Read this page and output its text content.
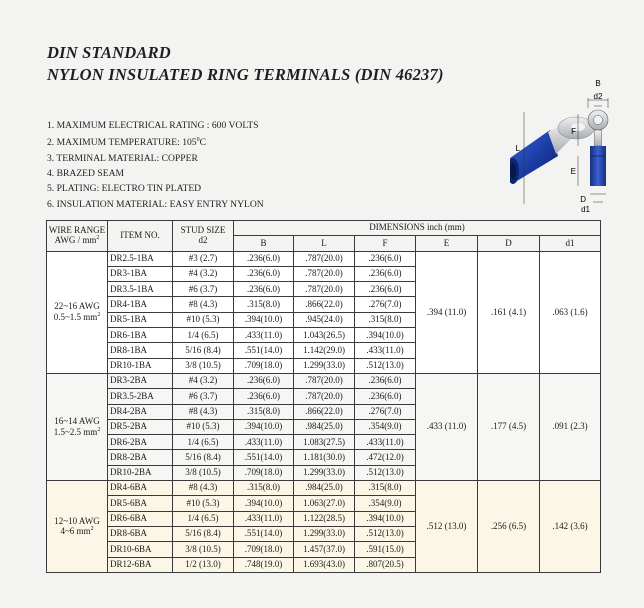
DIN STANDARD
NYLON INSULATED RING TERMINALS (DIN 46237)
1. MAXIMUM ELECTRICAL RATING : 600 VOLTS
2. MAXIMUM TEMPERATURE: $105^0C$
3. TERMINAL MATERIAL: COPPER
4. BRAZED SEAM
5. PLATING: ELECTRO TIN PLATED
6. INSULATION MATERIAL: EASY ENTRY NYLON
B
d2
F
L
E
D
d1
WIRE RANGE
AWG / $mm^2$	ITEM NO.	STUD SIZE
d2	DIMENSIONS inch (mm)					
			B	L	F	E	D	d1
22~16 AWG
0.5~1.5 $mm^2$	DR2.5-1BA	#3 (2.7)	.236(6.0)	.787(20.0)	.236(6.0)	.394 (11.0)	.161 (4.1)	.063 (1.6)
	DR3-1BA	#4 (3.2)	.236(6.0)	.787(20.0)	.236(6.0)			
	DR3.5-1BA	#6 (3.7)	.236(6.0)	.787(20.0)	.236(6.0)			
	DR4-1BA	#8 (4.3)	.315(8.0)	.866(22.0)	.276(7.0)			
	DR5-1BA	#10 (5.3)	.394(10.0)	.945(24.0)	.315(8.0)			
	DR6-1BA	1/4 (6.5)	.433(11.0)	1.043(26.5)	.394(10.0)			
	DR8-1BA	5/16 (8.4)	.551(14.0)	1.142(29.0)	.433(11.0)			
	DR10-1BA	3/8 (10.5)	.709(18.0)	1.299(33.0)	.512(13.0)			
16~14 AWG
1.5~2.5 $mm^2$	DR3-2BA	#4 (3.2)	.236(6.0)	.787(20.0)	.236(6.0)	.433 (11.0)	.177 (4.5)	.091 (2.3)
	DR3.5-2BA	#6 (3.7)	.236(6.0)	.787(20.0)	.236(6.0)			
	DR4-2BA	#8 (4.3)	.315(8.0)	.866(22.0)	.276(7.0)			
	DR5-2BA	#10 (5.3)	.394(10.0)	.984(25.0)	.354(9.0)			
	DR6-2BA	1/4 (6.5)	.433(11.0)	1.083(27.5)	.433(11.0)			
	DR8-2BA	5/16 (8.4)	.551(14.0)	1.181(30.0)	.472(12.0)			
	DR10-2BA	3/8 (10.5)	.709(18.0)	1.299(33.0)	.512(13.0)			
12~10 AWG
4~6 $mm^2$	DR4-6BA	#8 (4.3)	.315(8.0)	.984(25.0)	.315(8.0)	.512 (13.0)	.256 (6.5)	.142 (3.6)
	DR5-6BA	#10 (5.3)	.394(10.0)	1.063(27.0)	.354(9.0)			
	DR6-6BA	1/4 (6.5)	.433(11.0)	1.122(28.5)	.394(10.0)			
	DR8-6BA	5/16 (8.4)	.551(14.0)	1.299(33.0)	.512(13.0)			
	DR10-6BA	3/8 (10.5)	.709(18.0)	1.457(37.0)	.591(15.0)			
	DR12-6BA	1/2 (13.0)	.748(19.0)	1.693(43.0)	.807(20.5)			
